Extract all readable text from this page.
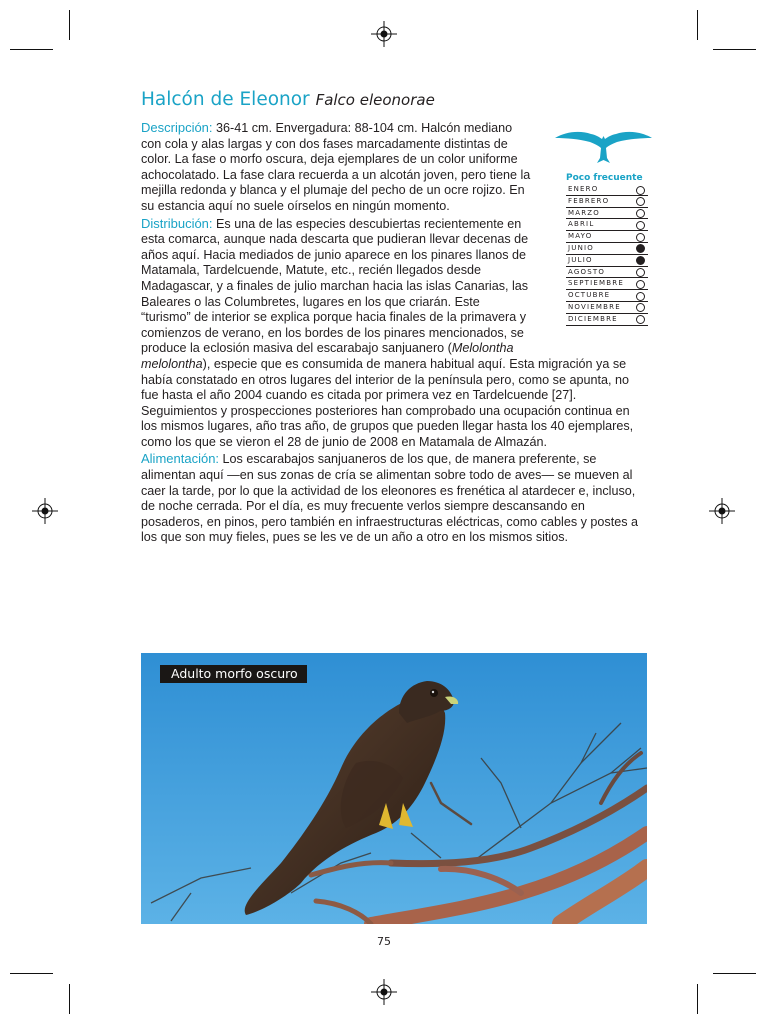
Halcón de Eleonor Falco eleonorae
Descripción: 36-41 cm. Envergadura: 88-104 cm. Halcón mediano con cola y alas largas y con dos fases marcadamente distintas de color. La fase o morfo oscura, deja ejemplares de un color uniforme achocolatado. La fase clara recuerda a un alcotán joven, pero tiene la mejilla redonda y blanca y el plumaje del pecho de un ocre rojizo. En su estancia aquí no suele oírselos en ningún momento.
Distribución: Es una de las especies descubiertas recientemente en esta comarca, aunque nada descarta que pudieran llevar decenas de años aquí. Hacia mediados de junio aparece en los pinares llanos de Matamala, Tardelcuende, Matute, etc., recién llegados desde Madagascar, y a finales de julio marchan hacia las islas Canarias, las Baleares o las Columbretes, lugares en los que criarán. Este “turismo” de interior se explica porque hacia finales de la primavera y comienzos de verano, en los bordes de los pinares mencionados, se produce la eclosión masiva del escarabajo sanjuanero (Melolontha melolontha), especie que es consumida de manera habitual aquí. Esta migración ya se había constatado en otros lugares del interior de la península pero, como se apunta, no fue hasta el año 2004 cuando es citada por primera vez en Tardelcuende [27]. Seguimientos y prospecciones posteriores han comprobado una ocupación continua en los mismos lugares, año tras año, de grupos que pueden llegar hasta los 40 ejemplares, como los que se vieron el 28 de junio de 2008 en Matamala de Almazán.
Alimentación: Los escarabajos sanjuaneros de los que, de manera preferente, se alimentan aquí —en sus zonas de cría se alimentan sobre todo de aves— se mueven al caer la tarde, por lo que la actividad de los eleonores es frenética al atardecer e, incluso, de noche cerrada. Por el día, es muy frecuente verlos siempre descansando en posaderos, en pinos, pero también en infraestructuras eléctricas, como cables y postes a los que son muy fieles, pues se les ve de un año a otro en los mismos sitios.
Poco frecuente
ENERO
FEBRERO
MARZO
ABRIL
MAYO
JUNIO
JULIO
AGOSTO
SEPTIEMBRE
OCTUBRE
NOVIEMBRE
DICIEMBRE
Adulto morfo oscuro
75
